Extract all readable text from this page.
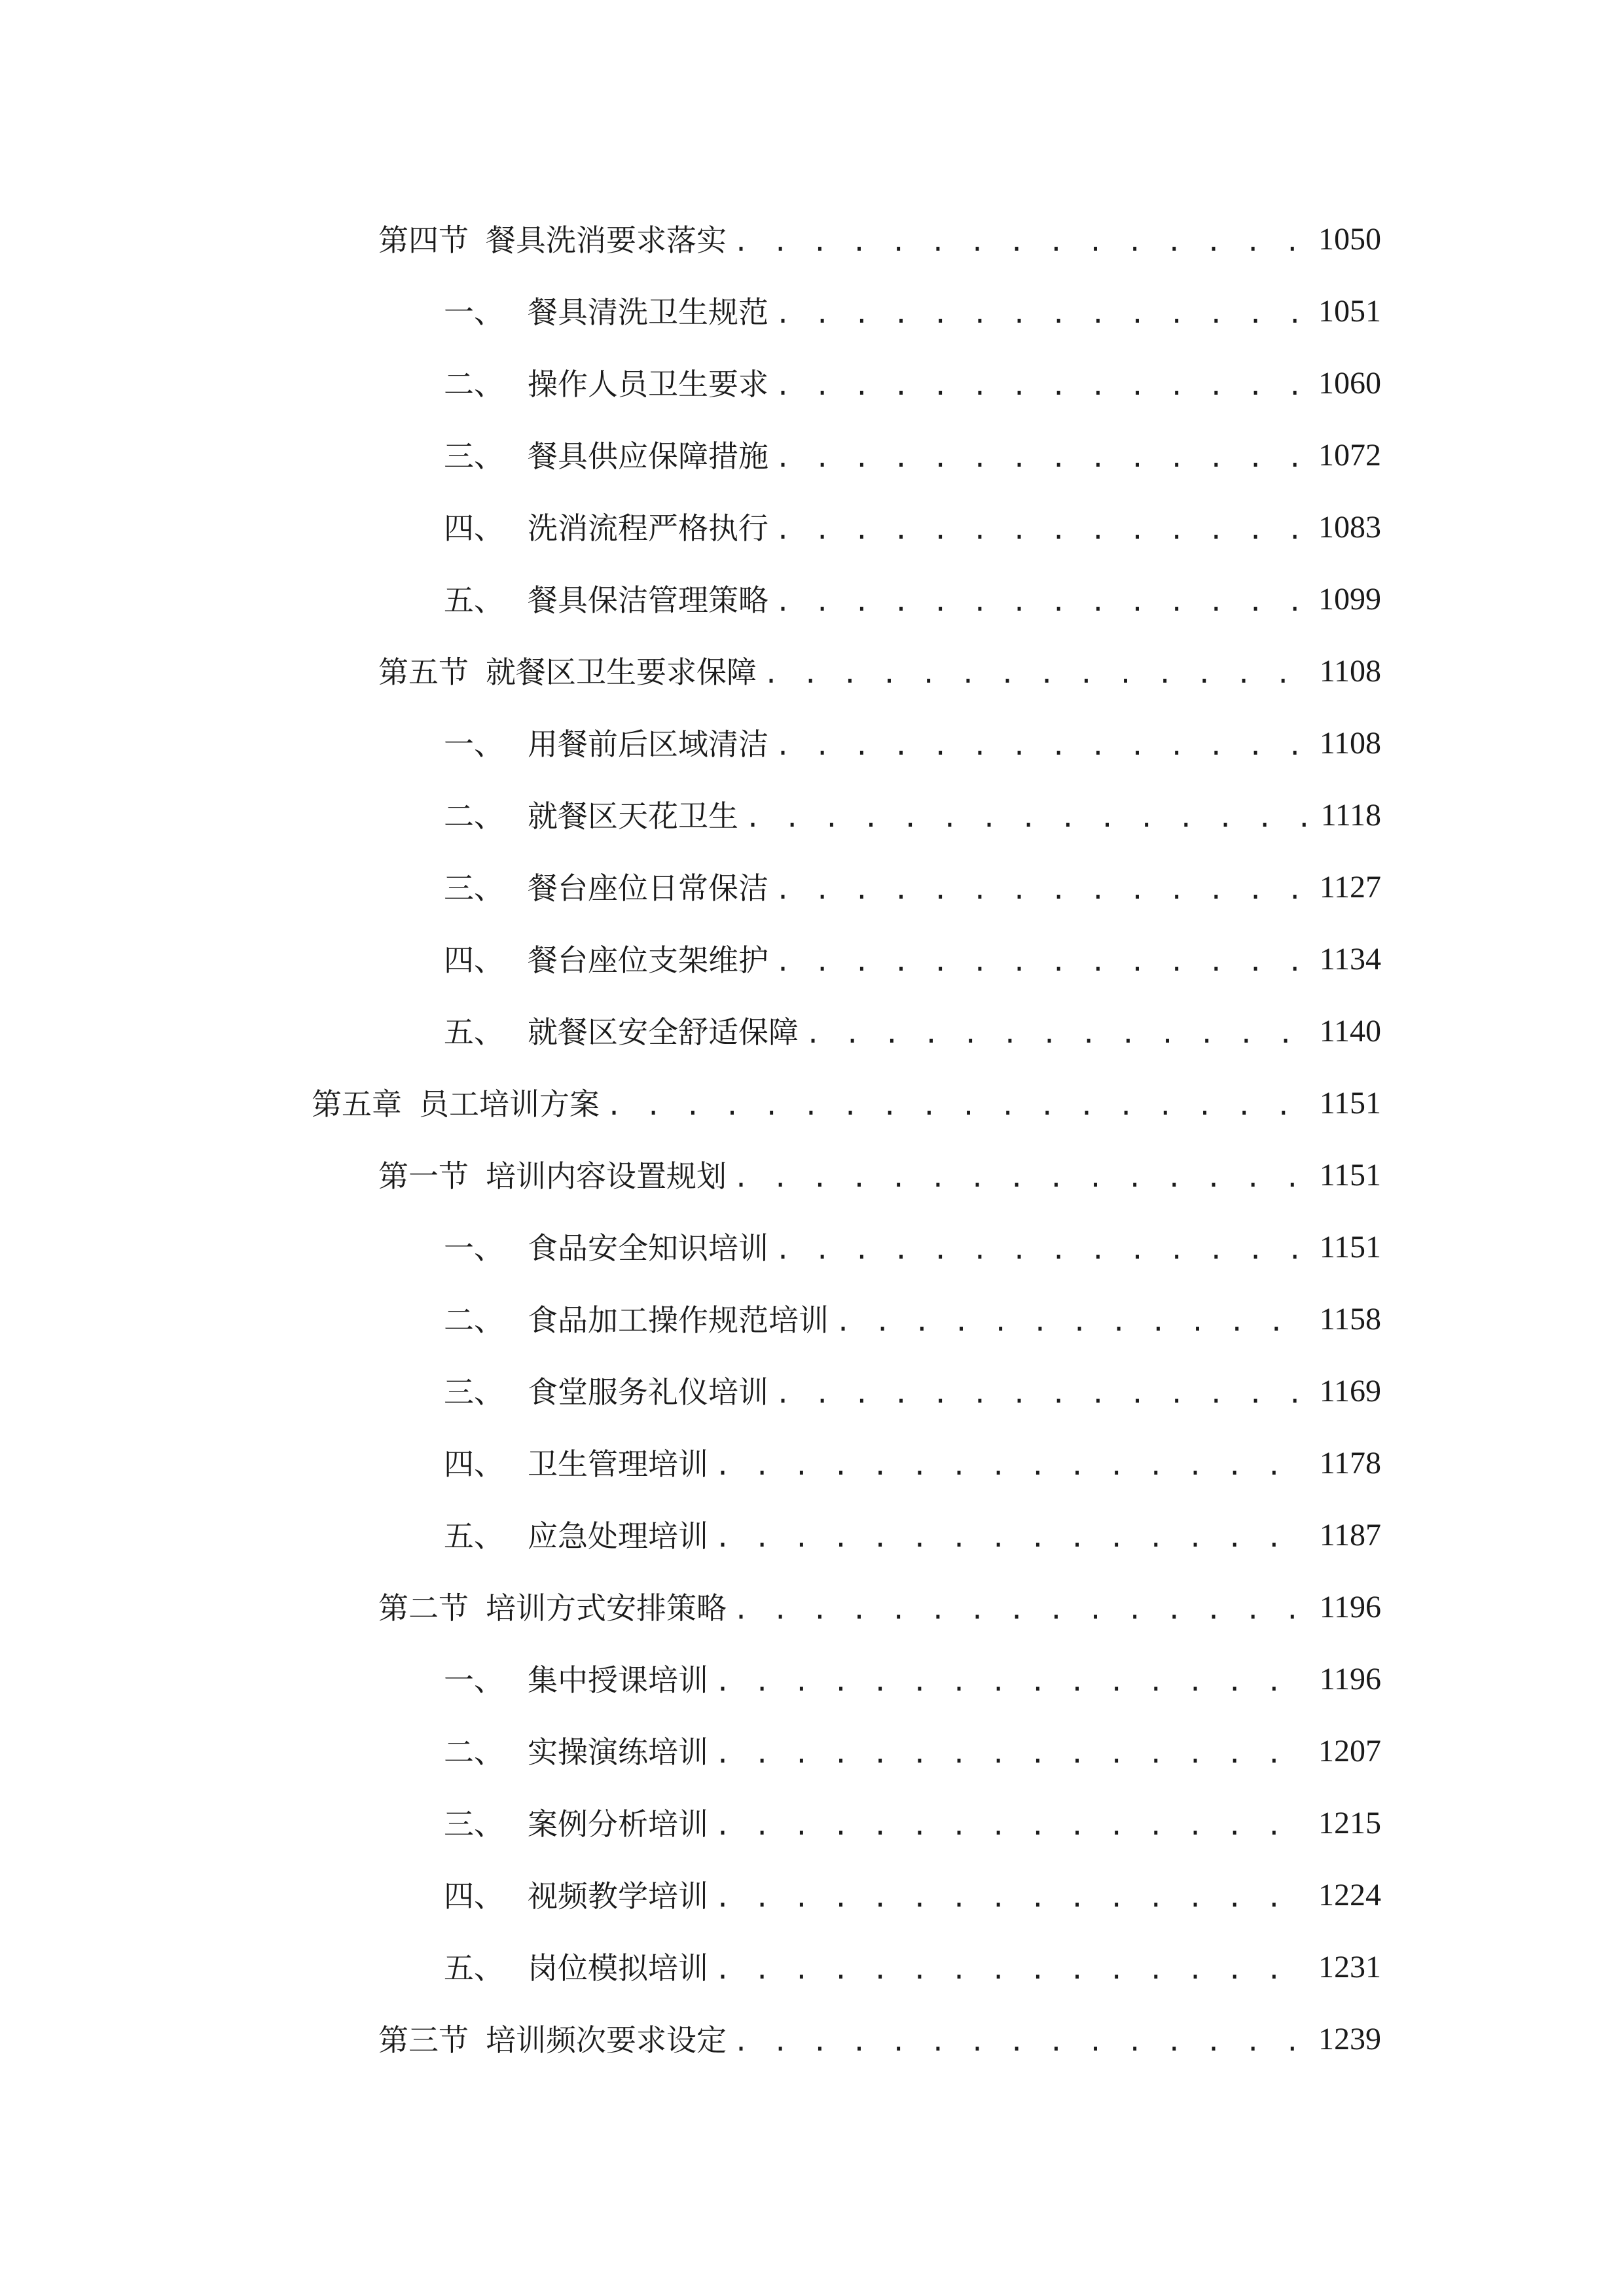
第四节 餐具洗消要求落实 . . .	1050
一、 餐具清洗卫生规范 . . .	1051
二、 操作人员卫生要求 . . .	1060
三、 餐具供应保障措施 . . .	1072
四、 洗消流程严格执行 . . .	1083
五、 餐具保洁管理策略 . . .	1099
第五节 就餐区卫生要求保障 . . .	1108
一、 用餐前后区域清洁 . . .	1108
二、 就餐区天花卫生 . . .	1118
三、 餐台座位日常保洁 . . .	1127
四、 餐台座位支架维护 . . .	1134
五、 就餐区安全舒适保障 . . .	1140
第五章 员工培训方案 . . .	1151
第一节 培训内容设置规划 . . .	1151
一、 食品安全知识培训 . . .	1151
二、 食品加工操作规范培训 . . .	1158
三、 食堂服务礼仪培训 . . .	1169
四、 卫生管理培训 . . .	1178
五、 应急处理培训 . . .	1187
第二节 培训方式安排策略 . . .	1196
一、 集中授课培训 . . .	1196
二、 实操演练培训 . . .	1207
三、 案例分析培训 . . .	1215
四、 视频教学培训 . . .	1224
五、 岗位模拟培训 . . .	1231
第三节 培训频次要求设定 . . .	1239
